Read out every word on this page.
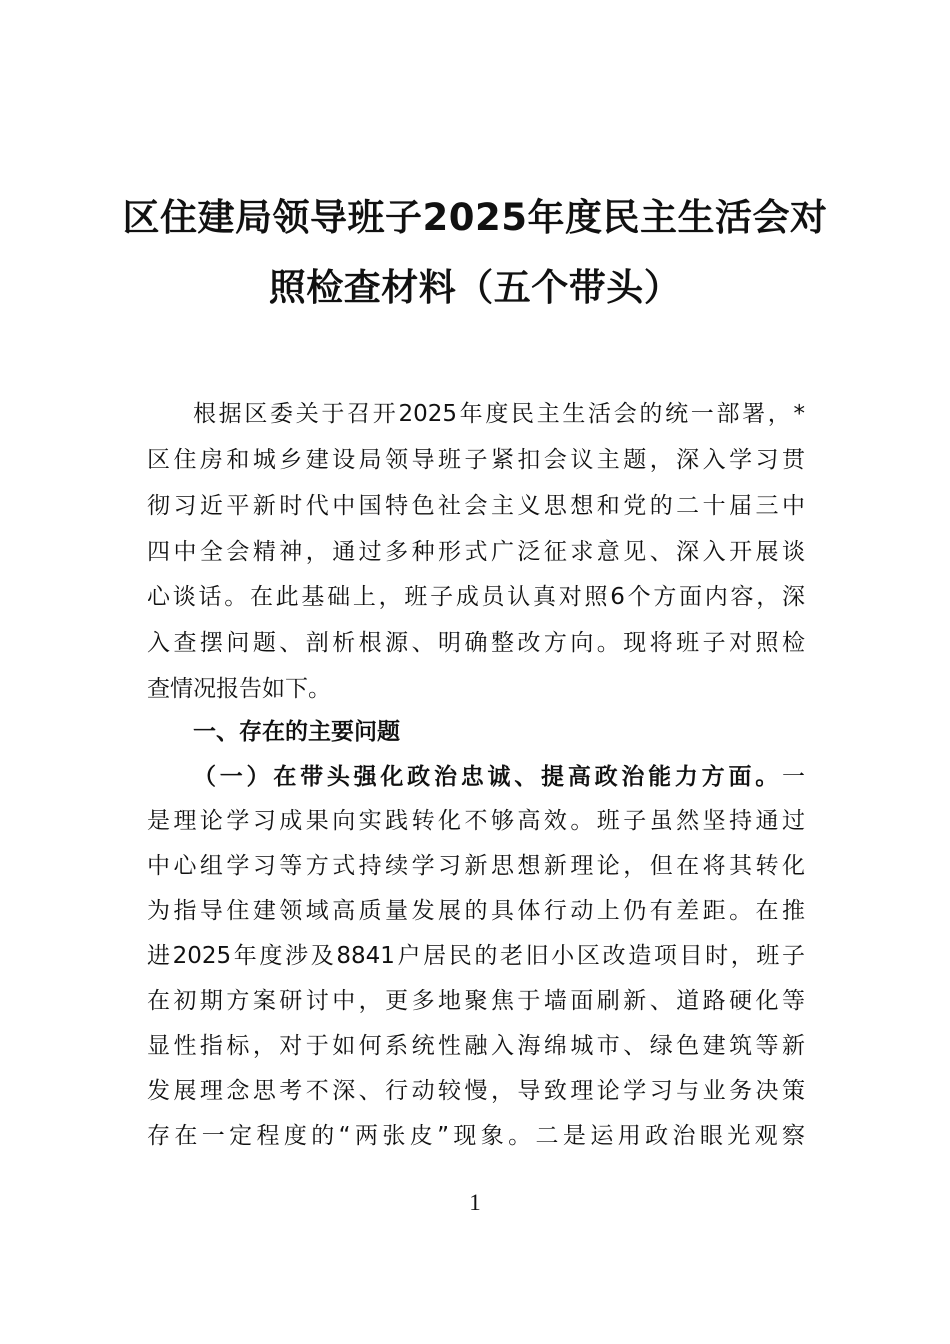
区住建局领导班子2025年度民主生活会对
照检查材料（五个带头）
根据区委关于召开2025年度民主生活会的统一部署，*
区住房和城乡建设局领导班子紧扣会议主题，深入学习贯
彻习近平新时代中国特色社会主义思想和党的二十届三中
四中全会精神，通过多种形式广泛征求意见、深入开展谈
心谈话。在此基础上，班子成员认真对照6个方面内容，深
入查摆问题、剖析根源、明确整改方向。现将班子对照检
查情况报告如下。
一、存在的主要问题
（一）在带头强化政治忠诚、提高政治能力方面。一
是理论学习成果向实践转化不够高效。班子虽然坚持通过
中心组学习等方式持续学习新思想新理论，但在将其转化
为指导住建领域高质量发展的具体行动上仍有差距。在推
进2025年度涉及8841户居民的老旧小区改造项目时，班子
在初期方案研讨中，更多地聚焦于墙面刷新、道路硬化等
显性指标，对于如何系统性融入海绵城市、绿色建筑等新
发展理念思考不深、行动较慢，导致理论学习与业务决策
存在一定程度的“两张皮”现象。二是运用政治眼光观察
1
